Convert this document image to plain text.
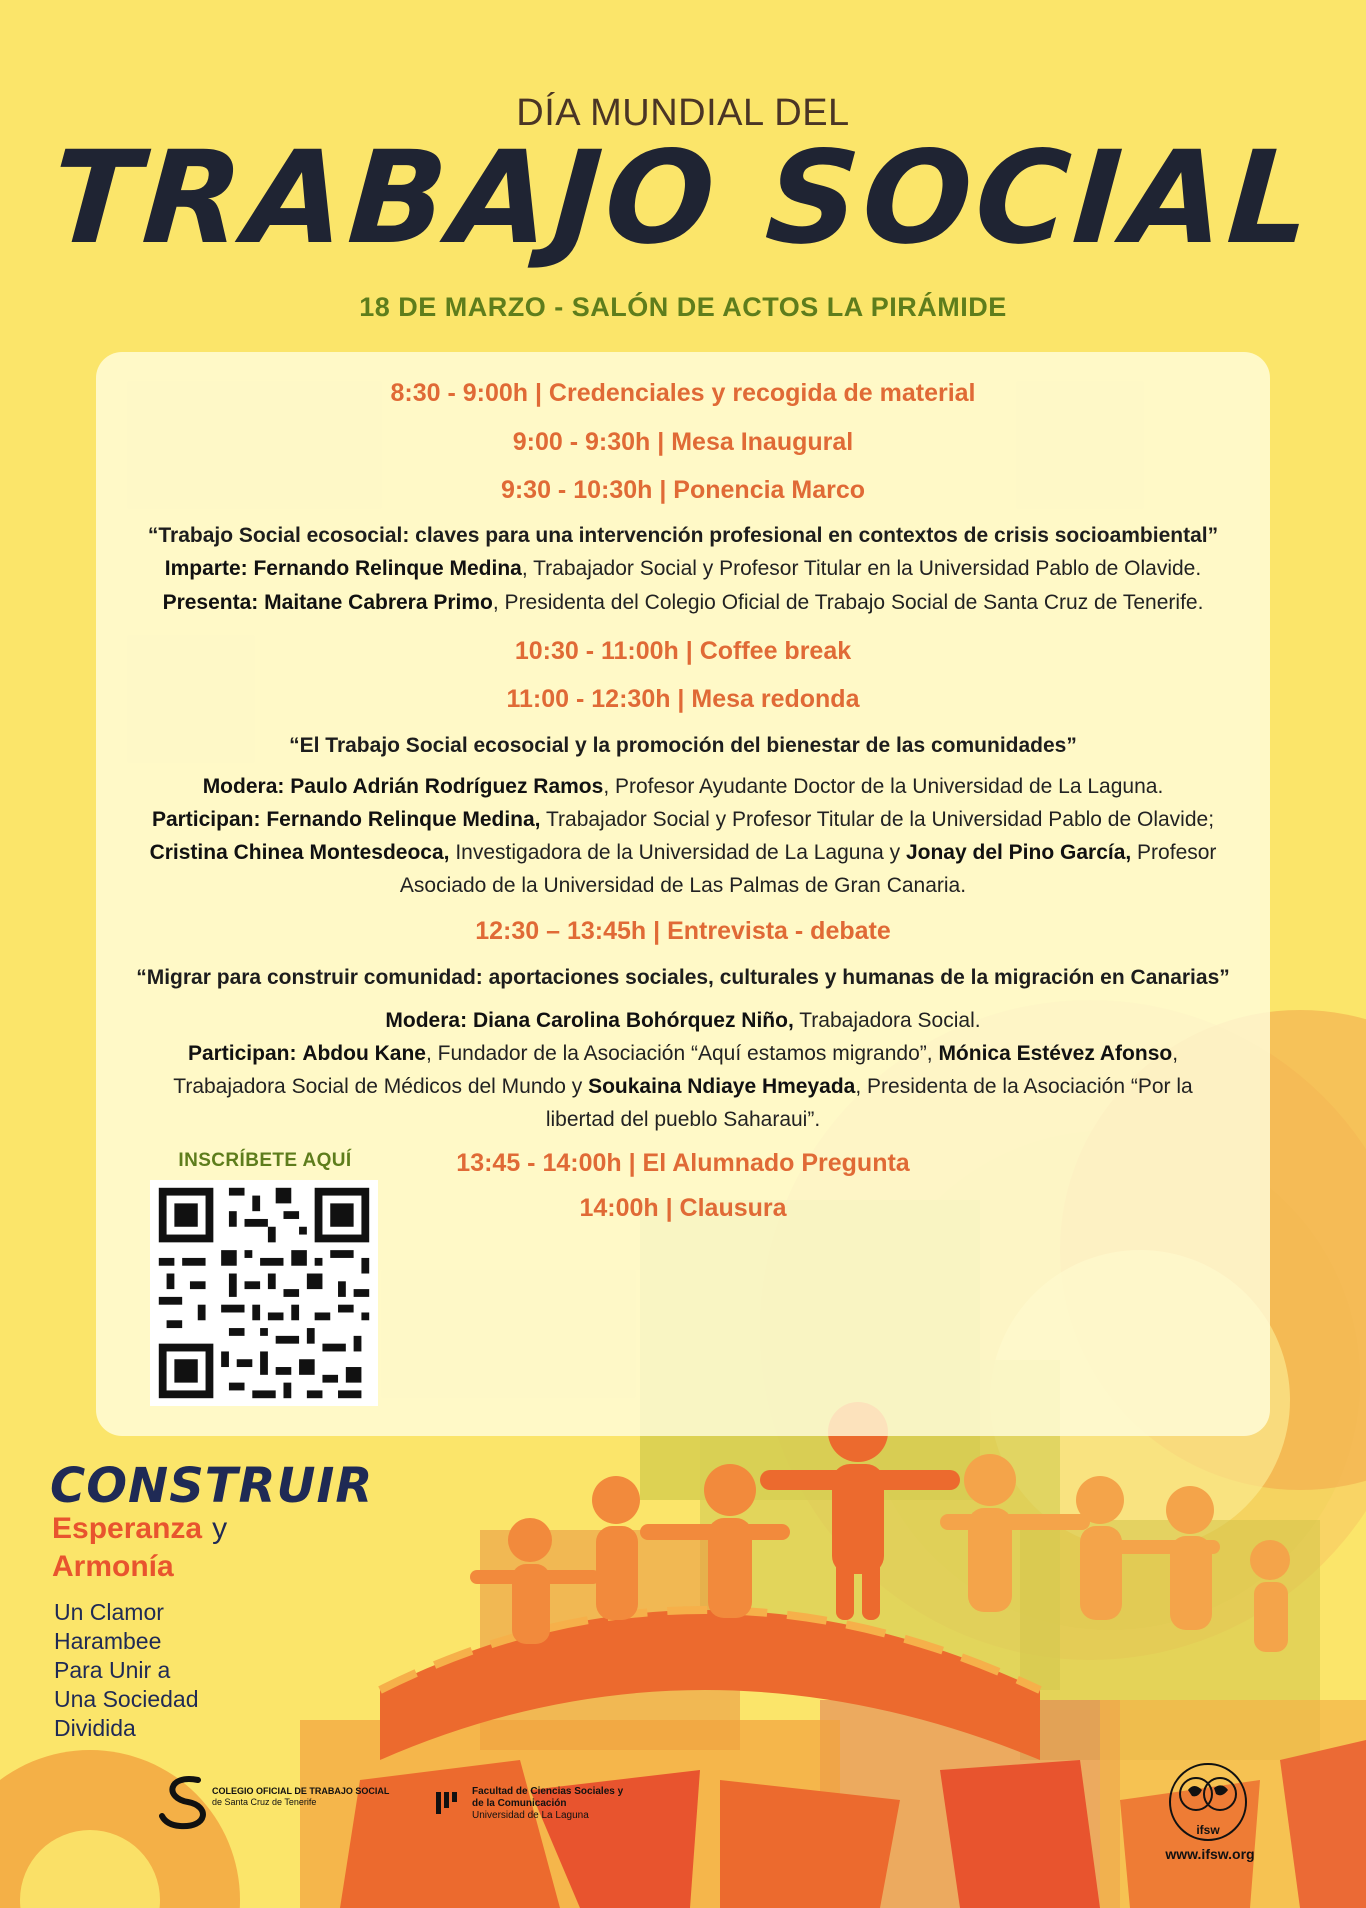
DÍA MUNDIAL DEL
TRABAJO SOCIAL
18 DE MARZO - SALÓN DE ACTOS LA PIRÁMIDE
8:30 - 9:00h | Credenciales y recogida de material
9:00 - 9:30h | Mesa Inaugural
9:30 - 10:30h | Ponencia Marco
“Trabajo Social ecosocial: claves para una intervención profesional en contextos de crisis socioambiental”
Imparte: Fernando Relinque Medina, Trabajador Social y Profesor Titular en la Universidad Pablo de Olavide.
Presenta: Maitane Cabrera Primo, Presidenta del Colegio Oficial de Trabajo Social de Santa Cruz de Tenerife.
10:30 - 11:00h | Coffee break
11:00 - 12:30h | Mesa redonda
“El Trabajo Social ecosocial y la promoción del bienestar de las comunidades”
Modera: Paulo Adrián Rodríguez Ramos, Profesor Ayudante Doctor de la Universidad de La Laguna.
Participan: Fernando Relinque Medina, Trabajador Social y Profesor Titular de la Universidad Pablo de Olavide;
Cristina Chinea Montesdeoca, Investigadora de la Universidad de La Laguna y Jonay del Pino García, Profesor
Asociado de la Universidad de Las Palmas de Gran Canaria.
12:30 – 13:45h | Entrevista - debate
“Migrar para construir comunidad: aportaciones sociales, culturales y humanas de la migración en Canarias”
Modera: Diana Carolina Bohórquez Niño, Trabajadora Social.
Participan: Abdou Kane, Fundador de la Asociación “Aquí estamos migrando”, Mónica Estévez Afonso,
Trabajadora Social de Médicos del Mundo y Soukaina Ndiaye Hmeyada, Presidenta de la Asociación “Por la
libertad del pueblo Saharaui”.
13:45 - 14:00h | El Alumnado Pregunta
14:00h | Clausura
INSCRÍBETE AQUÍ
CONSTRUIR
Esperanza y
Armonía
Un Clamor
Harambee
Para Unir a
Una Sociedad
Dividida
COLEGIO OFICIAL DE TRABAJO SOCIAL
de Santa Cruz de Tenerife
Facultad de Ciencias Sociales y
de la Comunicación
Universidad de La Laguna
ifsw
www.ifsw.org
